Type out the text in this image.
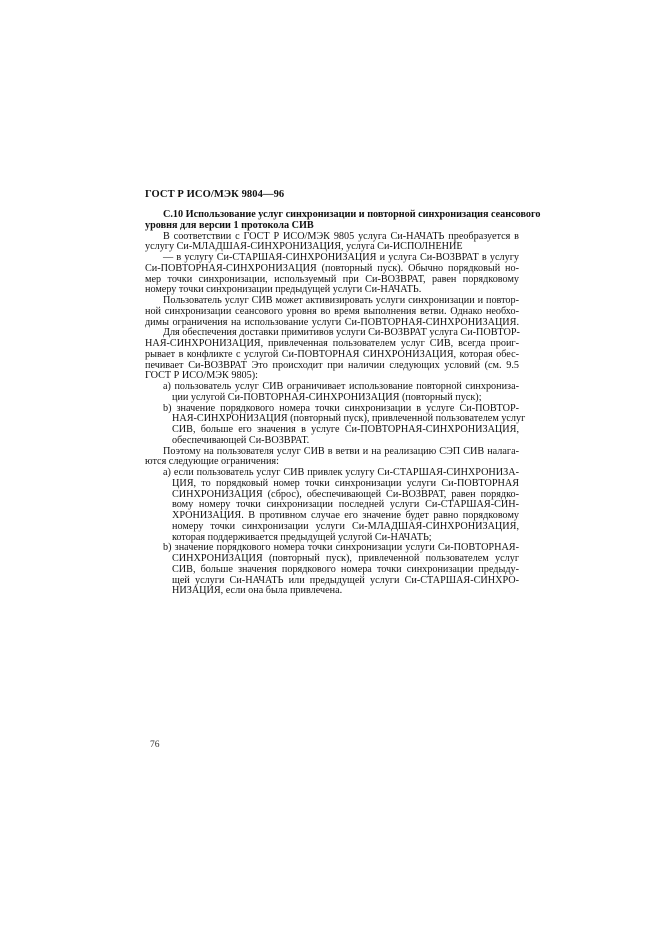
ГОСТ Р ИСО/МЭК 9804—96
С.10 Использование услуг синхронизации и повторной синхронизация сеансового
уровня для версии 1 протокола СИВ
В соответствии с ГОСТ Р ИСО/МЭК 9805 услуга Си-НАЧАТЬ преобразуется в
услугу Си-МЛАДШАЯ-СИНХРОНИЗАЦИЯ, услуга Си-ИСПОЛНЕНИЕ
— в услугу Си-СТАРШАЯ-СИНХРОНИЗАЦИЯ и услуга Си-ВОЗВРАТ в услугу
Си-ПОВТОРНАЯ-СИНХРОНИЗАЦИЯ (повторный пуск). Обычно порядковый но-
мер точки синхронизации, используемый при Си-ВОЗВРАТ, равен порядковому
номеру точки синхронизации предыдущей услуги Си-НАЧАТЬ.
Пользователь услуг СИВ может активизировать услуги синхронизации и повтор-
ной синхронизации сеансового уровня во время выполнения ветви. Однако необхо-
димы ограничения на использование услуги Си-ПОВТОРНАЯ-СИНХРОНИЗАЦИЯ.
Для обеспечения доставки примитивов услуги Си-ВОЗВРАТ услуга Си-ПОВТОР-
НАЯ-СИНХРОНИЗАЦИЯ, привлеченная пользователем услуг СИВ, всегда проиг-
рывает в конфликте с услугой Си-ПОВТОРНАЯ СИНХРОНИЗАЦИЯ, которая обес-
печивает Си-ВОЗВРАТ Это происходит при наличии следующих условий (см. 9.5
ГОСТ Р ИСО/МЭК 9805):
а) пользователь услуг СИВ ограничивает использование повторной синхрониза-
ции услугой Си-ПОВТОРНАЯ-СИНХРОНИЗАЦИЯ (повторный пуск);
b) значение порядкового номера точки синхронизации в услуге Си-ПОВТОР-
НАЯ-СИНХРОНИЗАЦИЯ (повторный пуск), привлеченной пользователем услуг
СИВ, больше его значения в услуге Си-ПОВТОРНАЯ-СИНХРОНИЗАЦИЯ,
обеспечивающей Си-ВОЗВРАТ.
Поэтому на пользователя услуг СИВ в ветви и на реализацию СЭП СИВ налага-
ются следующие ограничения:
а) если пользователь услуг СИВ привлек услугу Си-СТАРШАЯ-СИНХРОНИЗА-
ЦИЯ, то порядковый номер точки синхронизации услуги Си-ПОВТОРНАЯ
СИНХРОНИЗАЦИЯ (сброс), обеспечивающей Си-ВОЗВРАТ, равен порядко-
вому номеру точки синхронизации последней услуги Си-СТАРШАЯ-СИН-
ХРОНИЗАЦИЯ. В противном случае его значение будет равно порядковому
номеру точки синхронизации услуги Си-МЛАДШАЯ-СИНХРОНИЗАЦИЯ,
которая поддерживается предыдущей услугой Си-НАЧАТЬ;
b) значение порядкового номера точки синхронизации услуги Си-ПОВТОРНАЯ-
СИНХРОНИЗАЦИЯ (повторный пуск), привлеченной пользователем услуг
СИВ, больше значения порядкового номера точки синхронизации предыду-
щей услуги Си-НАЧАТЬ или предыдущей услуги Си-СТАРШАЯ-СИНХРО-
НИЗАЦИЯ, если она была привлечена.
76
